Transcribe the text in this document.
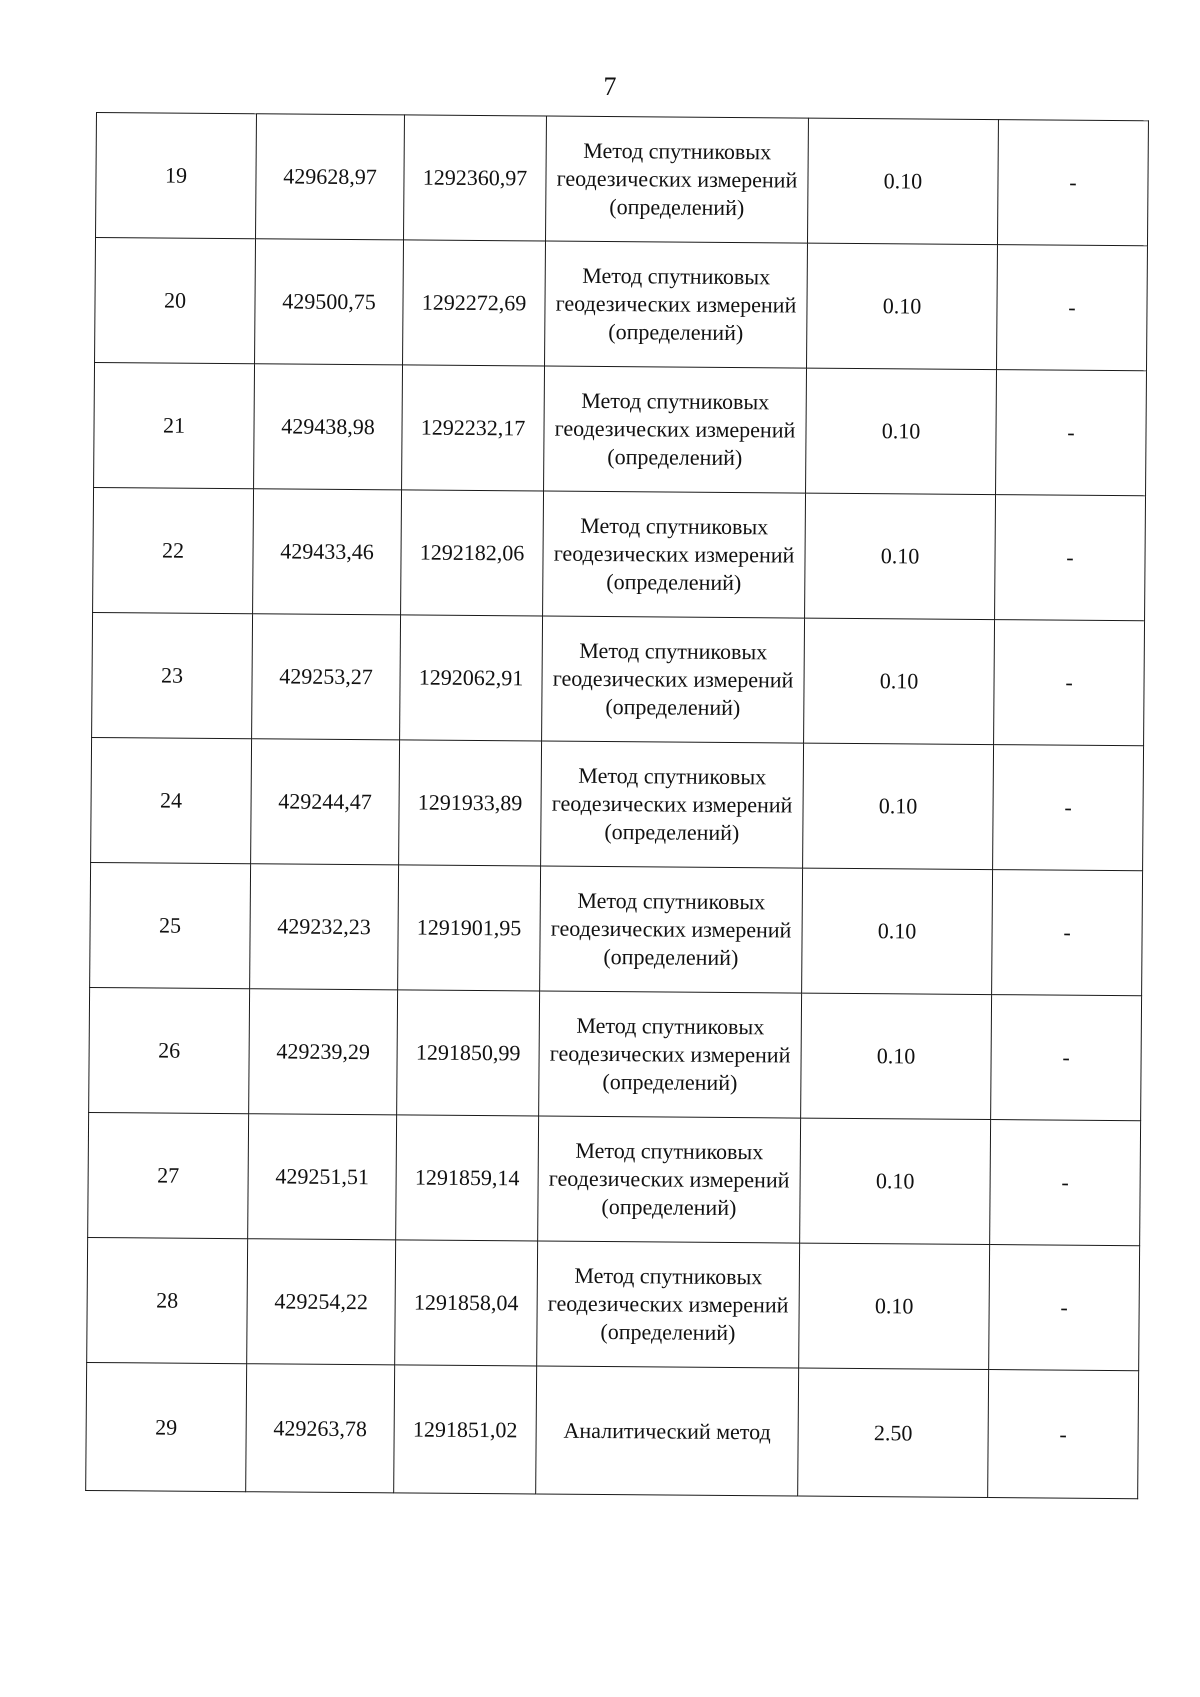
7
19	429628,97	1292360,97	Метод спутниковых геодезических измерений (определений)	0.10	-
20	429500,75	1292272,69	Метод спутниковых геодезических измерений (определений)	0.10	-
21	429438,98	1292232,17	Метод спутниковых геодезических измерений (определений)	0.10	-
22	429433,46	1292182,06	Метод спутниковых геодезических измерений (определений)	0.10	-
23	429253,27	1292062,91	Метод спутниковых геодезических измерений (определений)	0.10	-
24	429244,47	1291933,89	Метод спутниковых геодезических измерений (определений)	0.10	-
25	429232,23	1291901,95	Метод спутниковых геодезических измерений (определений)	0.10	-
26	429239,29	1291850,99	Метод спутниковых геодезических измерений (определений)	0.10	-
27	429251,51	1291859,14	Метод спутниковых геодезических измерений (определений)	0.10	-
28	429254,22	1291858,04	Метод спутниковых геодезических измерений (определений)	0.10	-
29	429263,78	1291851,02	Аналитический метод	2.50	-
